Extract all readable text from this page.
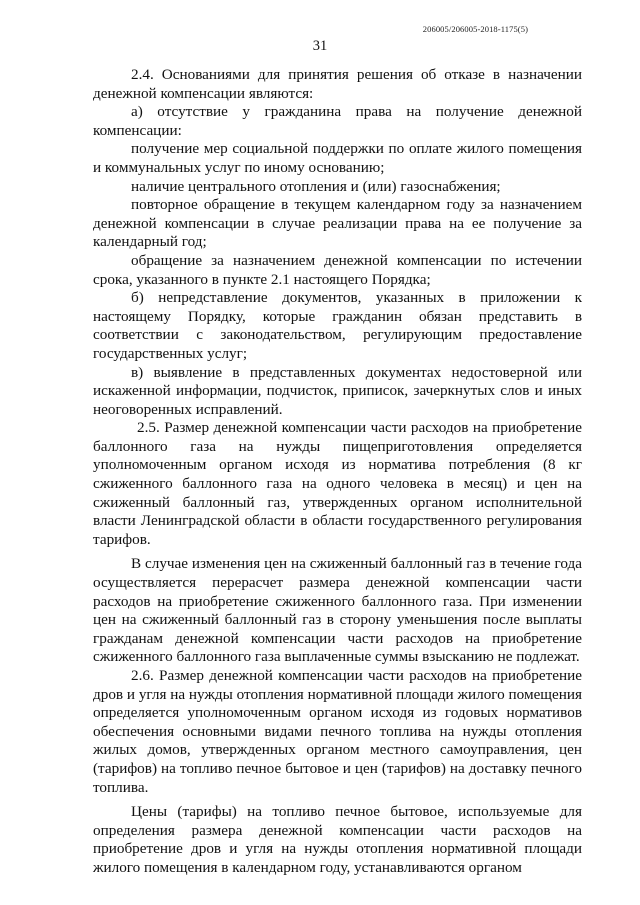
206005/206005-2018-1175(5)
31

2.4. Основаниями для принятия решения об отказе в назначении денежной компенсации являются:

а) отсутствие у гражданина права на получение денежной компенсации:

получение мер социальной поддержки по оплате жилого помещения и коммунальных услуг по иному основанию;

наличие центрального отопления и (или) газоснабжения;

повторное обращение в текущем календарном году за назначением денежной компенсации в случае реализации права на ее получение за календарный год;

обращение за назначением денежной компенсации по истечении срока, указанного в пункте 2.1 настоящего Порядка;

б) непредставление документов, указанных в приложении к настоящему Порядку, которые гражданин обязан представить в соответствии с законодательством, регулирующим предоставление государственных услуг;

в) выявление в представленных документах недостоверной или искаженной информации, подчисток, приписок, зачеркнутых слов и иных неоговоренных исправлений.

2.5. Размер денежной компенсации части расходов на приобретение баллонного газа на нужды пищеприготовления определяется уполномоченным органом исходя из норматива потребления (8 кг сжиженного баллонного газа на одного человека в месяц) и цен на сжиженный баллонный газ, утвержденных органом исполнительной власти Ленинградской области в области государственного регулирования тарифов.

В случае изменения цен на сжиженный баллонный газ в течение года осуществляется перерасчет размера денежной компенсации части расходов на приобретение сжиженного баллонного газа. При изменении цен на сжиженный баллонный газ в сторону уменьшения после выплаты гражданам денежной компенсации части расходов на приобретение сжиженного баллонного газа выплаченные суммы взысканию не подлежат.

2.6. Размер денежной компенсации части расходов на приобретение дров и угля на нужды отопления нормативной площади жилого помещения определяется уполномоченным органом исходя из годовых нормативов обеспечения основными видами печного топлива на нужды отопления жилых домов, утвержденных органом местного самоуправления, цен (тарифов) на топливо печное бытовое и цен (тарифов) на доставку печного топлива.

Цены (тарифы) на топливо печное бытовое, используемые для определения размера денежной компенсации части расходов на приобретение дров и угля на нужды отопления нормативной площади жилого помещения в календарном году, устанавливаются органом
